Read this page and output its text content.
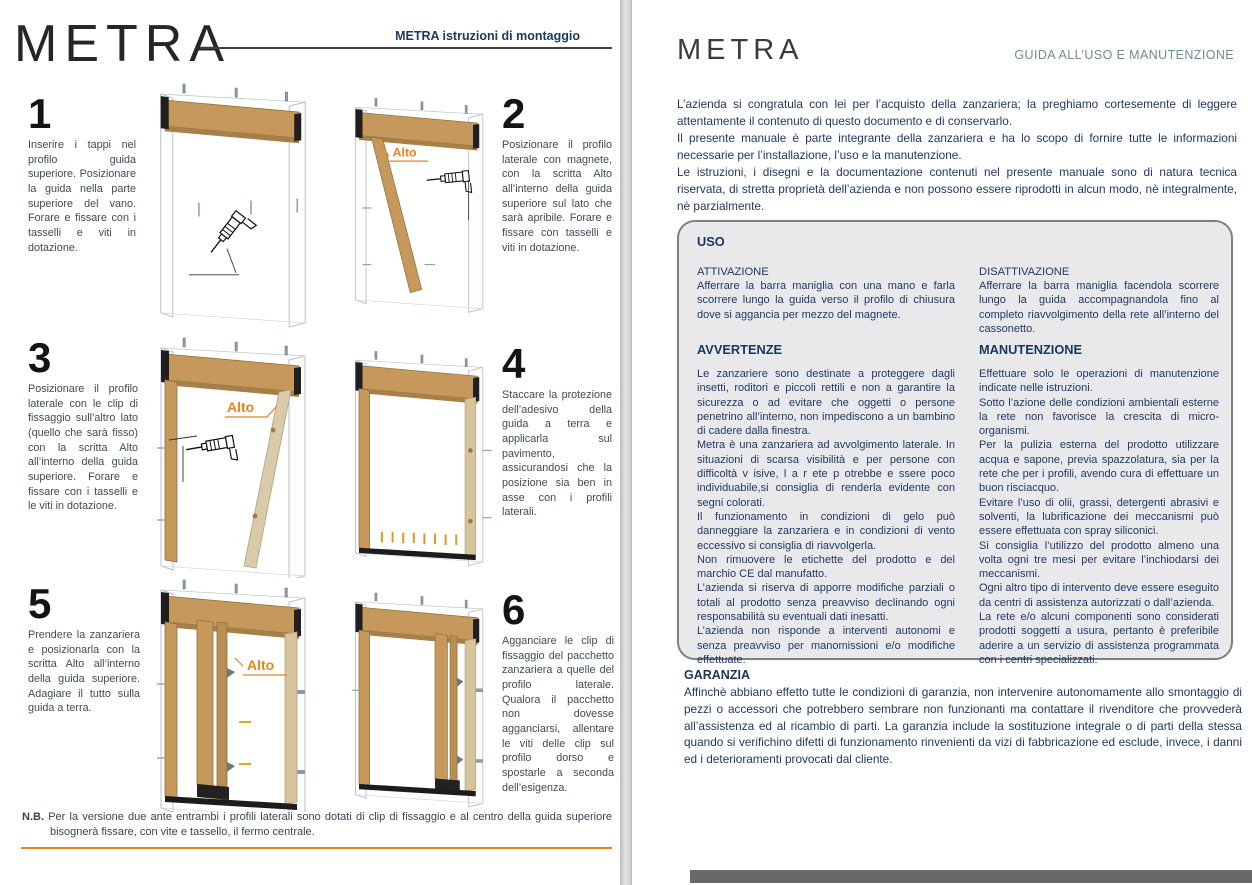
METRA	METRA istruzioni di montaggio
1

Inserire i tappi nel profilo guida superiore. Posizionare la guida nella parte superiore del vano. Forare e fissare con i tasselli e viti in dotazione.

2

Posizionare il profilo laterale con magnete, con la scritta Alto all’interno della guida superiore sul lato che sarà apribile. Forare e fissare con tasselli e viti in dotazione.

3

Posizionare il profilo laterale con le clip di fissaggio sull’altro lato (quello che sarà fisso) con la scritta Alto all’interno della guida superiore. Forare e fissare con i tasselli e le viti in dotazione.

4

Staccare la protezione dell’adesivo della guida a terra e applicarla sul pavimento, assicurandosi che la posizione sia ben in asse con i profili laterali.

5

Prendere la zanzariera e posizionarla con la scritta Alto all’interno della guida superiore. Adagiare il tutto sulla guida a terra.

6

Agganciare le clip di fissaggio del pacchetto zanzariera a quelle del profilo laterale. Qualora il pacchetto non dovesse agganciarsi, allentare le viti delle clip sul profilo dorso e spostarle a seconda dell’esigenza.

Alto
Alto
Alto

N.B. Per la versione due ante entrambi i profili laterali sono dotati di clip di fissaggio e al centro della guida superiore bisognerà fissare, con vite e tassello, il fermo centrale.

METRA	GUIDA ALL’USO E MANUTENZIONE

L’azienda si congratula con lei per l’acquisto della zanzariera; la preghiamo cortesemente di leggere attentamente il contenuto di questo documento e di conservarlo.

Il presente manuale è parte integrante della zanzariera e ha lo scopo di fornire tutte le informazioni necessarie per l’installazione, l’uso e la manutenzione.

Le istruzioni, i disegni e la documentazione contenuti nel presente manuale sono di natura tecnica riservata, di stretta proprietà dell’azienda e non possono essere riprodotti in alcun modo, nè integralmente, nè parzialmente.

USO
ATTIVAZIONE

Afferrare la barra maniglia con una mano e farla scorrere lungo la guida verso il profilo di chiusura dove si aggancia per mezzo del magnete.

DISATTIVAZIONE

Afferrare la barra maniglia facendola scorrere lungo la guida accompagnandola fino al completo riavvolgimento della rete all’interno del cassonetto.

AVVERTENZE

Le zanzariere sono destinate a proteggere dagli insetti, roditori e piccoli rettili e non a garantire la sicurezza o ad evitare che oggetti o persone penetrino all’interno, non impediscono a un bambino di cadere dalla finestra.

Metra è una zanzariera ad avvolgimento laterale. In situazioni di scarsa visibilità e per persone con difficoltà v isive, l a r ete p otrebbe e ssere poco individuabile,si consiglia di renderla evidente con segni colorati.

Il funzionamento in condizioni di gelo può danneggiare la zanzariera e in condizioni di vento eccessivo si consiglia di riavvolgerla.

Non rimuovere le etichette del prodotto e del marchio CE dal manufatto.

L’azienda si riserva di apporre modifiche parziali o totali al prodotto senza preavviso declinando ogni responsabilità su eventuali dati inesatti.

L’azienda non risponde a interventi autonomi e senza preavviso per manomissioni e/o modifiche effettuate.

MANUTENZIONE

Effettuare solo le operazioni di manutenzione indicate nelle istruzioni.

Sotto l’azione delle condizioni ambientali esterne la rete non favorisce la crescita di micro-organismi.

Per la pulizia esterna del prodotto utilizzare acqua e sapone, previa spazzolatura, sia per la rete che per i profili, avendo cura di effettuare un buon risciacquo.

Evitare l’uso di olii, grassi, detergenti abrasivi e solventi, la lubrificazione dei meccanismi può essere effettuata con spray siliconici.

Si consiglia l’utilizzo del prodotto almeno una volta ogni tre mesi per evitare l’inchiodarsi dei meccanismi.

Ogni altro tipo di intervento deve essere eseguito da centri di assistenza autorizzati o dall’azienda.

La rete e/o alcuni componenti sono considerati prodotti soggetti a usura, pertanto è preferibile aderire a un servizio di assistenza programmata con i centri specializzati.

GARANZIA

Affinchè abbiano effetto tutte le condizioni di garanzia, non intervenire autonomamente allo smontaggio di pezzi o accessori che potrebbero sembrare non funzionanti ma contattare il rivenditore che provvederà all’assistenza ed al ricambio di parti. La garanzia include la sostituzione integrale o di parti della stessa quando si verifichino difetti di funzionamento rinvenienti da vizi di fabbricazione ed esclude, invece, i danni ed i deterioramenti provocati dal cliente.
